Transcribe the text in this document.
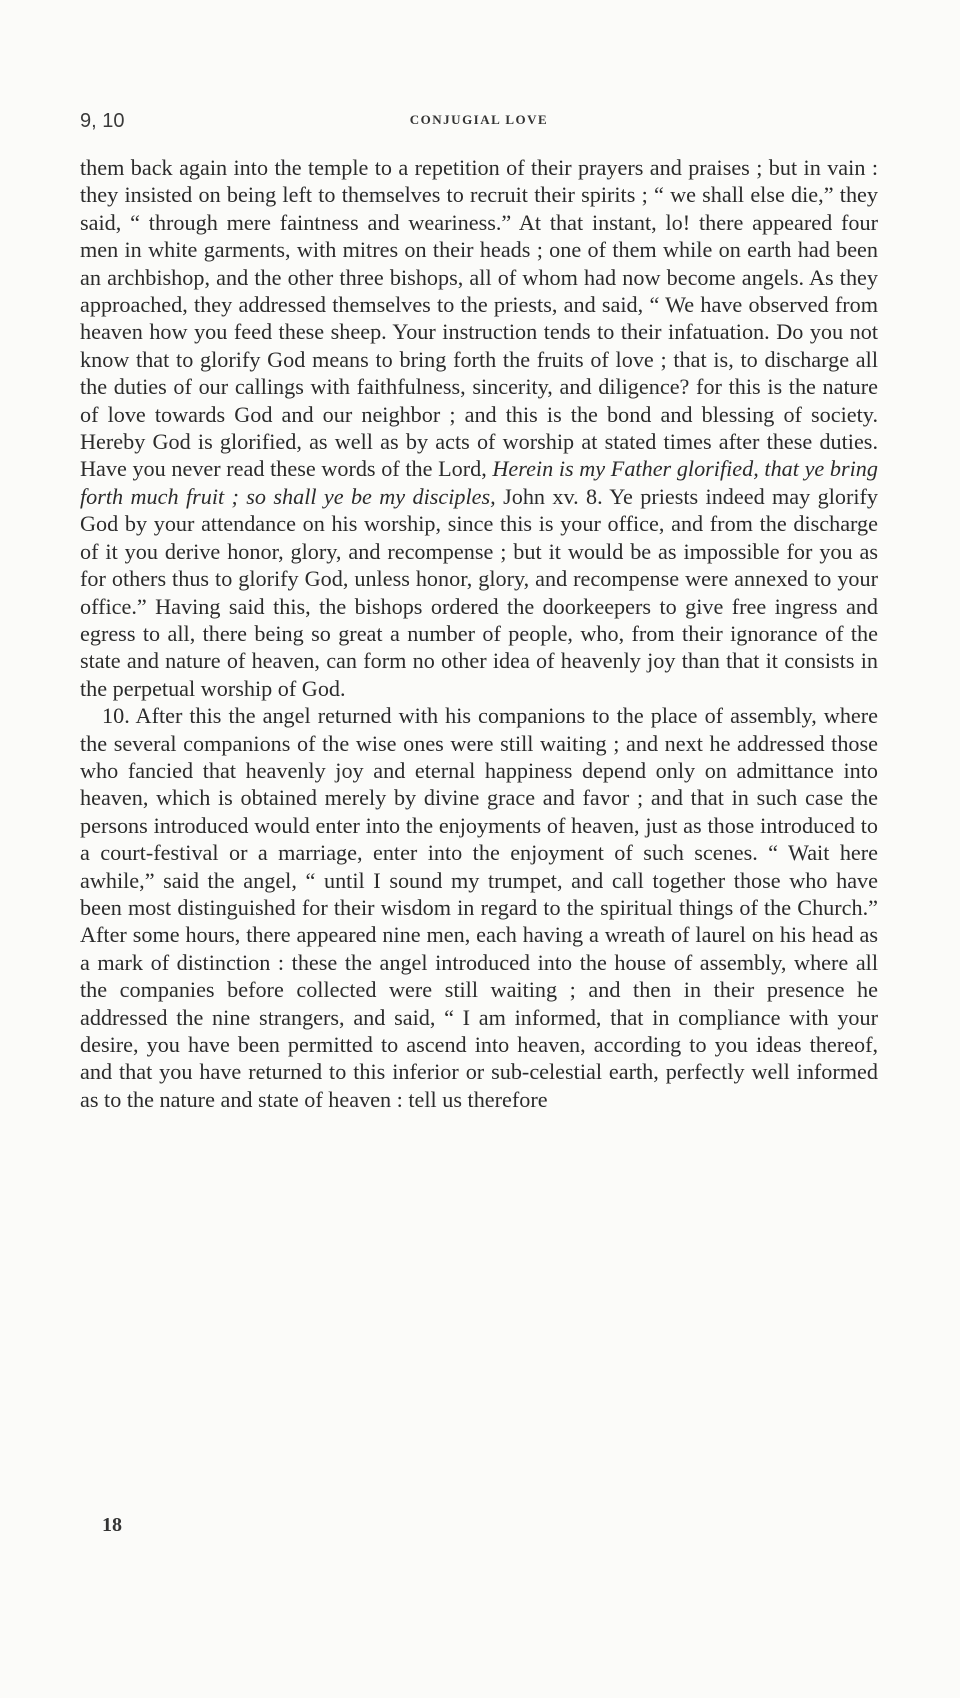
9, 10	CONJUGIAL LOVE

them back again into the temple to a repetition of their prayers and praises ; but in vain : they insisted on being left to themselves to recruit their spirits ; “ we shall else die,” they said, “ through mere faintness and weariness.” At that instant, lo! there appeared four men in white garments, with mitres on their heads ; one of them while on earth had been an archbishop, and the other three bishops, all of whom had now become angels. As they approached, they addressed themselves to the priests, and said, “ We have observed from heaven how you feed these sheep. Your instruction tends to their infatuation. Do you not know that to glorify God means to bring forth the fruits of love ; that is, to discharge all the duties of our callings with faithfulness, sincerity, and diligence? for this is the nature of love towards God and our neighbor ; and this is the bond and blessing of society. Hereby God is glorified, as well as by acts of worship at stated times after these duties. Have you never read these words of the Lord, Herein is my Father glorified, that ye bring forth much fruit ; so shall ye be my disciples, John xv. 8. Ye priests indeed may glorify God by your attendance on his worship, since this is your office, and from the discharge of it you derive honor, glory, and recompense ; but it would be as impossible for you as for others thus to glorify God, unless honor, glory, and recompense were annexed to your office.” Having said this, the bishops ordered the doorkeepers to give free ingress and egress to all, there being so great a number of people, who, from their ignorance of the state and nature of heaven, can form no other idea of heavenly joy than that it consists in the perpetual worship of God.

10. After this the angel returned with his companions to the place of assembly, where the several companions of the wise ones were still waiting ; and next he addressed those who fancied that heavenly joy and eternal happiness depend only on admittance into heaven, which is obtained merely by divine grace and favor ; and that in such case the persons introduced would enter into the enjoyments of heaven, just as those introduced to a court-festival or a marriage, enter into the enjoyment of such scenes. “ Wait here awhile,” said the angel, “ until I sound my trumpet, and call together those who have been most distinguished for their wisdom in regard to the spiritual things of the Church.” After some hours, there appeared nine men, each having a wreath of laurel on his head as a mark of distinction : these the angel introduced into the house of assembly, where all the companies before collected were still waiting ; and then in their presence he addressed the nine strangers, and said, “ I am informed, that in compliance with your desire, you have been permitted to ascend into heaven, according to you ideas thereof, and that you have returned to this inferior or sub-celestial earth, perfectly well informed as to the nature and state of heaven : tell us therefore

18
